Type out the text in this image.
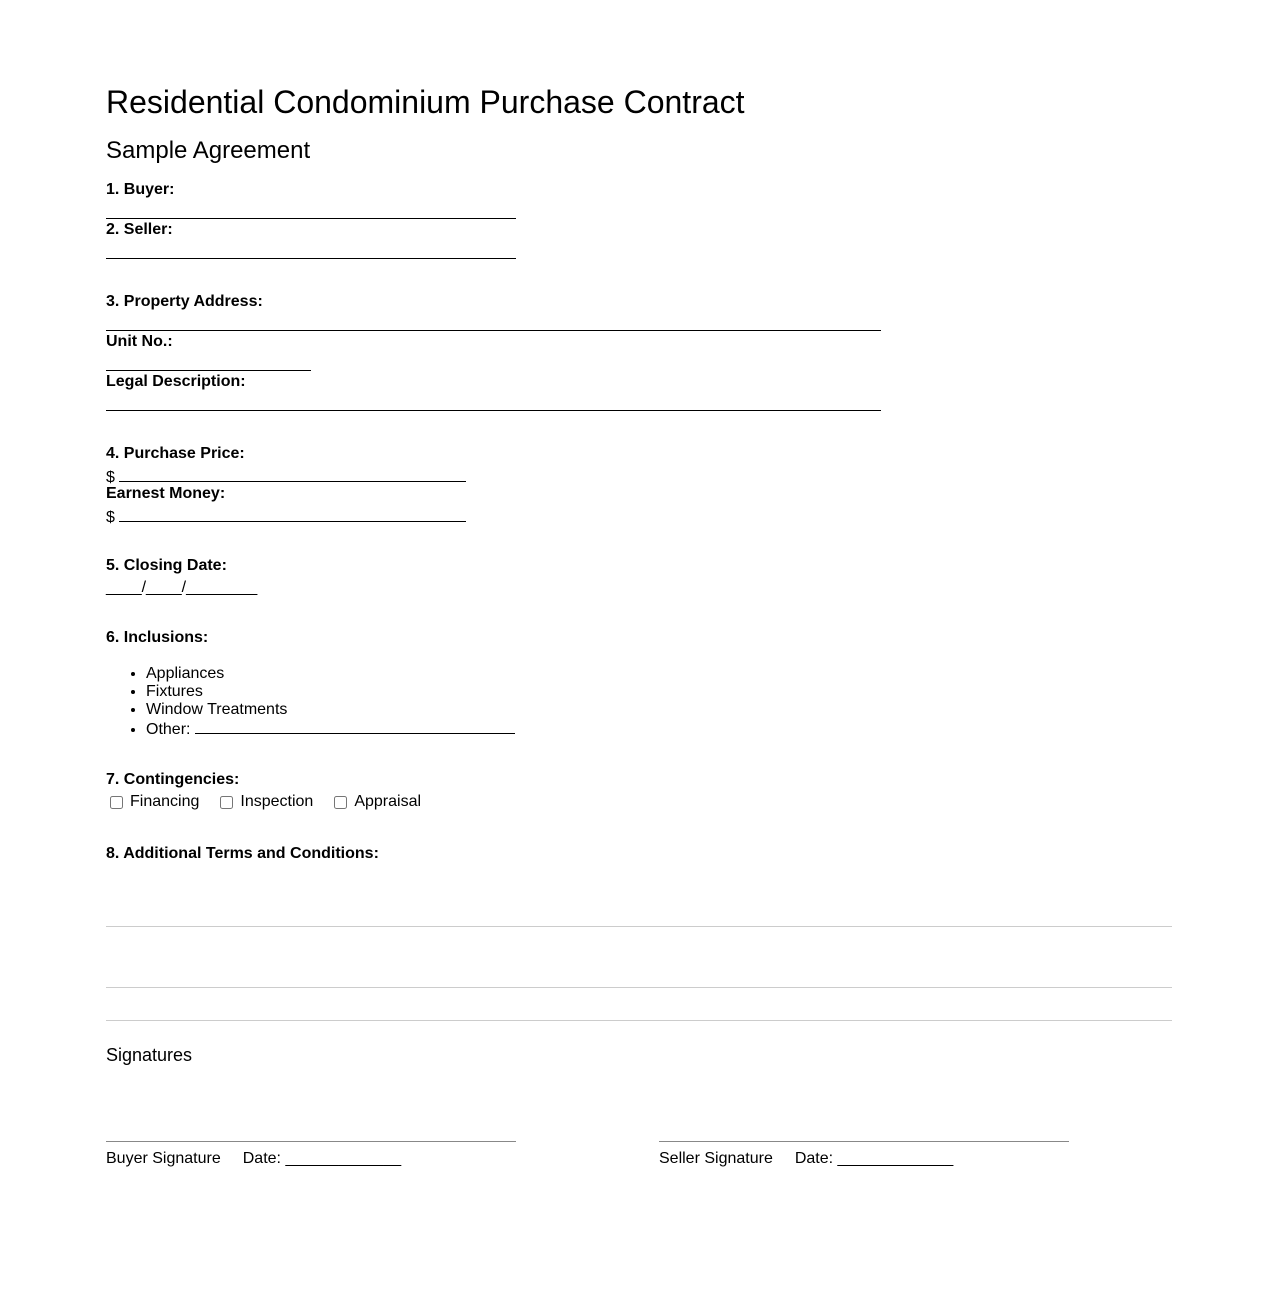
Residential Condominium Purchase Contract
Sample Agreement
1. Buyer:
2. Seller:
3. Property Address:
Unit No.:
Legal Description:
4. Purchase Price:
$
Earnest Money:
$
5. Closing Date:
____/____/________
6. Inclusions:
• Appliances
• Fixtures
• Window Treatments
• Other:
7. Contingencies:
Financing	Inspection	Appraisal
8. Additional Terms and Conditions:
Signatures
Buyer Signature Date: _____________	Seller Signature Date: _____________
